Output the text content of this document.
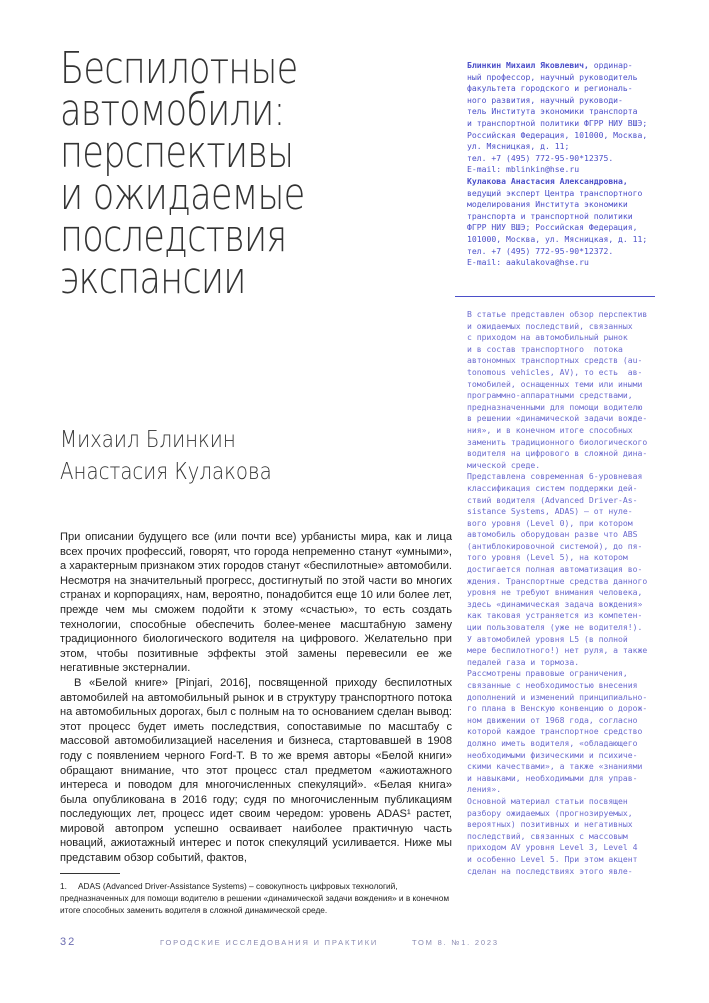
Беспилотные
автомобили:
перспективы
и ожидаемые
последствия
экспансии
Михаил Блинкин
Анастасия Кулакова
Блинкин Михаил Яковлевич, ординар-
ный профессор, научный руководитель
факультета городского и региональ-
ного развития, научный руководи-
тель Института экономики транспорта
и транспортной политики ФГРР НИУ ВШЭ;
Российская Федерация, 101000, Москва,
ул. Мясницкая, д. 11;
тел. +7 (495) 772-95-90*12375.
E-mail: mblinkin@hse.ru
Кулакова Анастасия Александровна,
ведущий эксперт Центра транспортного
моделирования Института экономики
транспорта и транспортной политики
ФГРР НИУ ВШЭ; Российская Федерация,
101000, Москва, ул. Мясницкая, д. 11;
тел. +7 (495) 772-95-90*12372.
E-mail: aakulakova@hse.ru
В статье представлен обзор перспектив
и ожидаемых последствий, связанных
с приходом на автомобильный рынок
и в состав транспортного  потока
автономных транспортных средств (au-
tonomous vehicles, AV), то есть  ав-
томобилей, оснащенных теми или иными
программно-аппаратными средствами,
предназначенными для помощи водителю
в решении «динамической задачи вожде-
ния», и в конечном итоге способных
заменить традиционного биологического
водителя на цифрового в сложной дина-
мической среде.
Представлена современная 6-уровневая
классификация систем поддержки дей-
ствий водителя (Advanced Driver-As-
sistance Systems, ADAS) — от нуле-
вого уровня (Level 0), при котором
автомобиль оборудован разве что ABS
(антиблокировочной системой), до пя-
того уровня (Level 5), на котором
достигается полная автоматизация во-
ждения. Транспортные средства данного
уровня не требуют внимания человека,
здесь «динамическая задача вождения»
как таковая устраняется из компетен-
ции пользователя (уже не водителя!).
У автомобилей уровня L5 (в полной
мере беспилотного!) нет руля, а также
педалей газа и тормоза.
Рассмотрены правовые ограничения,
связанные с необходимостью внесения
дополнений и изменений принципиально-
го плана в Венскую конвенцию о дорож-
ном движении от 1968 года, согласно
которой каждое транспортное средство
должно иметь водителя, «обладающего
необходимыми физическими и психиче-
скими качествами», а также «знаниями
и навыками, необходимыми для управ-
ления».
Основной материал статьи посвящен
разбору ожидаемых (прогнозируемых,
вероятных) позитивных и негативных
последствий, связанных с массовым
приходом AV уровня Level 3, Level 4
и особенно Level 5. При этом акцент
сделан на последствиях этого явле-

При описании будущего все (или почти все) урбанисты мира, как и лица всех прочих профессий, говорят, что города непременно станут «умными», а характерным признаком этих городов станут «беспилотные» автомобили. Несмотря на значительный прогресс, достигнутый по этой части во многих странах и корпорациях, нам, вероятно, понадобится еще 10 или более лет, прежде чем мы сможем подойти к этому «счастью», то есть создать технологии, способные обеспечить более-менее масштабную замену традиционного биологического водителя на цифрового. Желательно при этом, чтобы позитивные эффекты этой замены перевесили ее же негативные экстерналии.

В «Белой книге» [Pinjari, 2016], посвященной приходу беспилотных автомобилей на автомобильный рынок и в структуру транспортного потока на автомобильных дорогах, был с полным на то основанием сделан вывод: этот процесс будет иметь последствия, сопоставимые по масштабу с массовой автомобилизацией населения и бизнеса, стартовавшей в 1908 году с появлением черного Ford-T. В то же время авторы «Белой книги» обращают внимание, что этот процесс стал предметом «ажиотажного интереса и поводом для многочисленных спекуляций». «Белая книга» была опубликована в 2016 году; судя по многочисленным публикациям последующих лет, процесс идет своим чередом: уровень ADAS¹ растет, мировой автопром успешно осваивает наиболее практичную часть новаций, ажиотажный интерес и поток спекуляций усиливается. Ниже мы представим обзор событий, фактов,

1. ADAS (Advanced Driver-Assistance Systems) – совокупность цифровых технологий, предназначенных для помощи водителю в решении «динамической задачи вождения» и в конечном итоге способных заменить водителя в сложной динамической среде.
32	ГОРОДСКИЕ ИССЛЕДОВАНИЯ И ПРАКТИКИ	ТОМ 8. №1. 2023
